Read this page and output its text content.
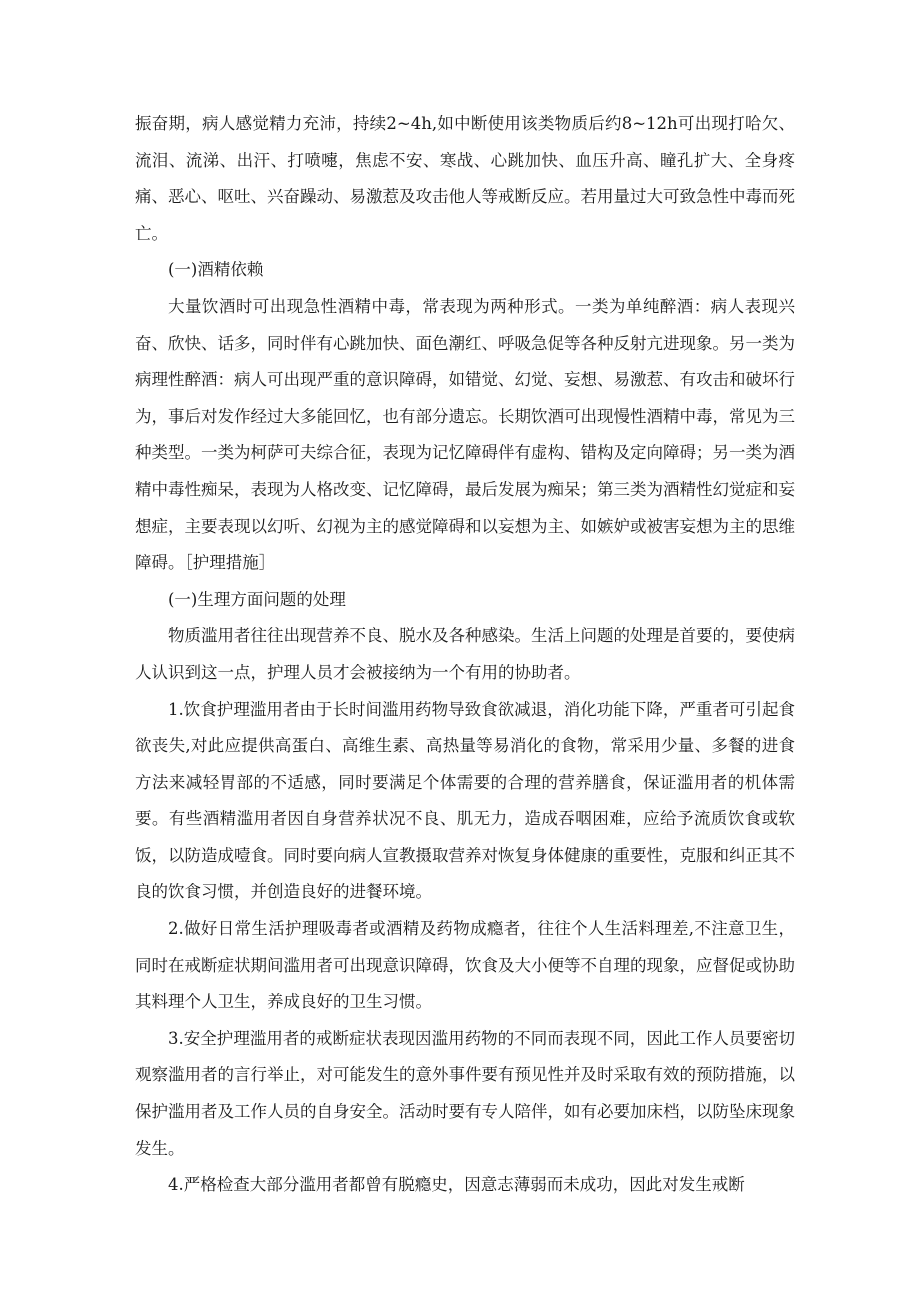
振奋期，病人感觉精力充沛，持续2~4h,如中断使用该类物质后约8~12h可出现打哈欠、流泪、流涕、出汗、打喷嚏，焦虑不安、寒战、心跳加快、血压升高、瞳孔扩大、全身疼痛、恶心、呕吐、兴奋躁动、易激惹及攻击他人等戒断反应。若用量过大可致急性中毒而死亡。

(一)酒精依赖

大量饮酒时可出现急性酒精中毒，常表现为两种形式。一类为单纯醉酒：病人表现兴奋、欣快、话多，同时伴有心跳加快、面色潮红、呼吸急促等各种反射亢进现象。另一类为病理性醉酒：病人可出现严重的意识障碍，如错觉、幻觉、妄想、易激惹、有攻击和破坏行为，事后对发作经过大多能回忆，也有部分遗忘。长期饮酒可出现慢性酒精中毒，常见为三种类型。一类为柯萨可夫综合征，表现为记忆障碍伴有虚构、错构及定向障碍；另一类为酒精中毒性痴呆，表现为人格改变、记忆障碍，最后发展为痴呆；第三类为酒精性幻觉症和妄想症，主要表现以幻听、幻视为主的感觉障碍和以妄想为主、如嫉妒或被害妄想为主的思维障碍。［护理措施］

(一)生理方面问题的处理

物质滥用者往往出现营养不良、脱水及各种感染。生活上问题的处理是首要的，要使病人认识到这一点，护理人员才会被接纳为一个有用的协助者。

1.饮食护理滥用者由于长时间滥用药物导致食欲减退，消化功能下降，严重者可引起食欲丧失,对此应提供高蛋白、高维生素、高热量等易消化的食物，常采用少量、多餐的进食方法来减轻胃部的不适感，同时要满足个体需要的合理的营养膳食，保证滥用者的机体需要。有些酒精滥用者因自身营养状况不良、肌无力，造成吞咽困难，应给予流质饮食或软饭，以防造成噎食。同时要向病人宣教摄取营养对恢复身体健康的重要性，克服和纠正其不良的饮食习惯，并创造良好的进餐环境。

2.做好日常生活护理吸毒者或酒精及药物成瘾者，往往个人生活料理差,不注意卫生，同时在戒断症状期间滥用者可出现意识障碍，饮食及大小便等不自理的现象，应督促或协助其料理个人卫生，养成良好的卫生习惯。

3.安全护理滥用者的戒断症状表现因滥用药物的不同而表现不同，因此工作人员要密切观察滥用者的言行举止，对可能发生的意外事件要有预见性并及时采取有效的预防措施，以保护滥用者及工作人员的自身安全。活动时要有专人陪伴，如有必要加床档，以防坠床现象发生。

4.严格检查大部分滥用者都曾有脱瘾史，因意志薄弱而未成功，因此对发生戒断
